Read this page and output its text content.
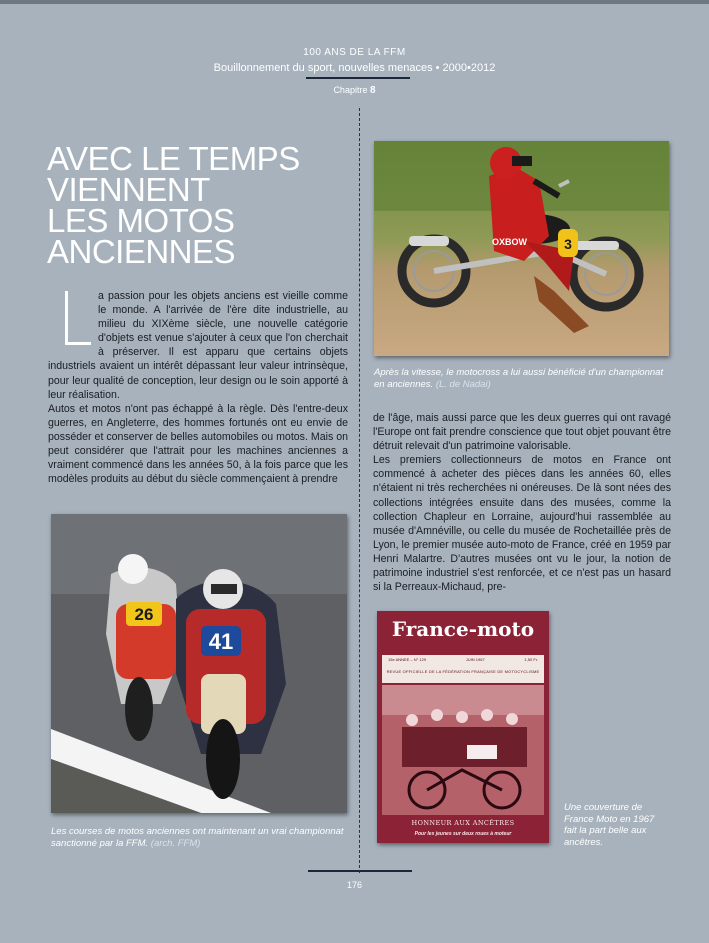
100 ANS DE LA FFM
Bouillonnement du sport, nouvelles menaces • 2000•2012
Chapitre 8
AVEC LE TEMPS
VIENNENT
LES MOTOS
ANCIENNES

a passion pour les objets anciens est vieille comme le monde. A l'arrivée de l'ère dite industrielle, au milieu du XIXème siècle, une nouvelle catégorie d'objets est venue s'ajouter à ceux que l'on cherchait à préserver. Il est apparu que certains objets industriels avaient un intérêt dépassant leur valeur intrinsèque, pour leur qualité de conception, leur design ou le soin apporté à leur réalisation.

Autos et motos n'ont pas échappé à la règle. Dès l'entre-deux guerres, en Angleterre, des hommes fortunés ont eu envie de posséder et conserver de belles automobiles ou motos. Mais on peut considérer que l'attrait pour les machines anciennes a vraiment commencé dans les années 50, à la fois parce que les modèles produits au début du siècle commençaient à prendre

de l'âge, mais aussi parce que les deux guerres qui ont ravagé l'Europe ont fait prendre conscience que tout objet pouvant être détruit relevait d'un patrimoine valorisable.

Les premiers collectionneurs de motos en France ont commencé à acheter des pièces dans les années 60, elles n'étaient ni très recherchées ni onéreuses. De là sont nées des collections intégrées ensuite dans des musées, comme la collection Chapleur en Lorraine, aujourd'hui rassemblée au musée d'Amnéville, ou celle du musée de Rochetaillée près de Lyon, le premier musée auto-moto de France, créé en 1959 par Henri Malartre. D'autres musées ont vu le jour, la notion de patrimoine industriel s'est renforcée, et ce n'est pas un hasard si la Perreaux-Michaud, pre-

3
OXBOW
Après la vitesse, le motocross a lui aussi bénéficié d'un championnat en anciennes. (L. de Nadai)
26
41
Les courses de motos anciennes ont maintenant un vrai championnat sanctionné par la FFM. (arch. FFM)
France-moto
15e ANNEE – N° 129	JUIN 1967	1,50 Fr.
REVUE OFFICIELLE DE LA FÉDÉRATION FRANÇAISE DE MOTOCYCLISME
HONNEUR AUX ANCÊTRES
Pour les jeunes sur deux roues à moteur
Une couverture de France Moto en 1967 fait la part belle aux ancêtres.
176
